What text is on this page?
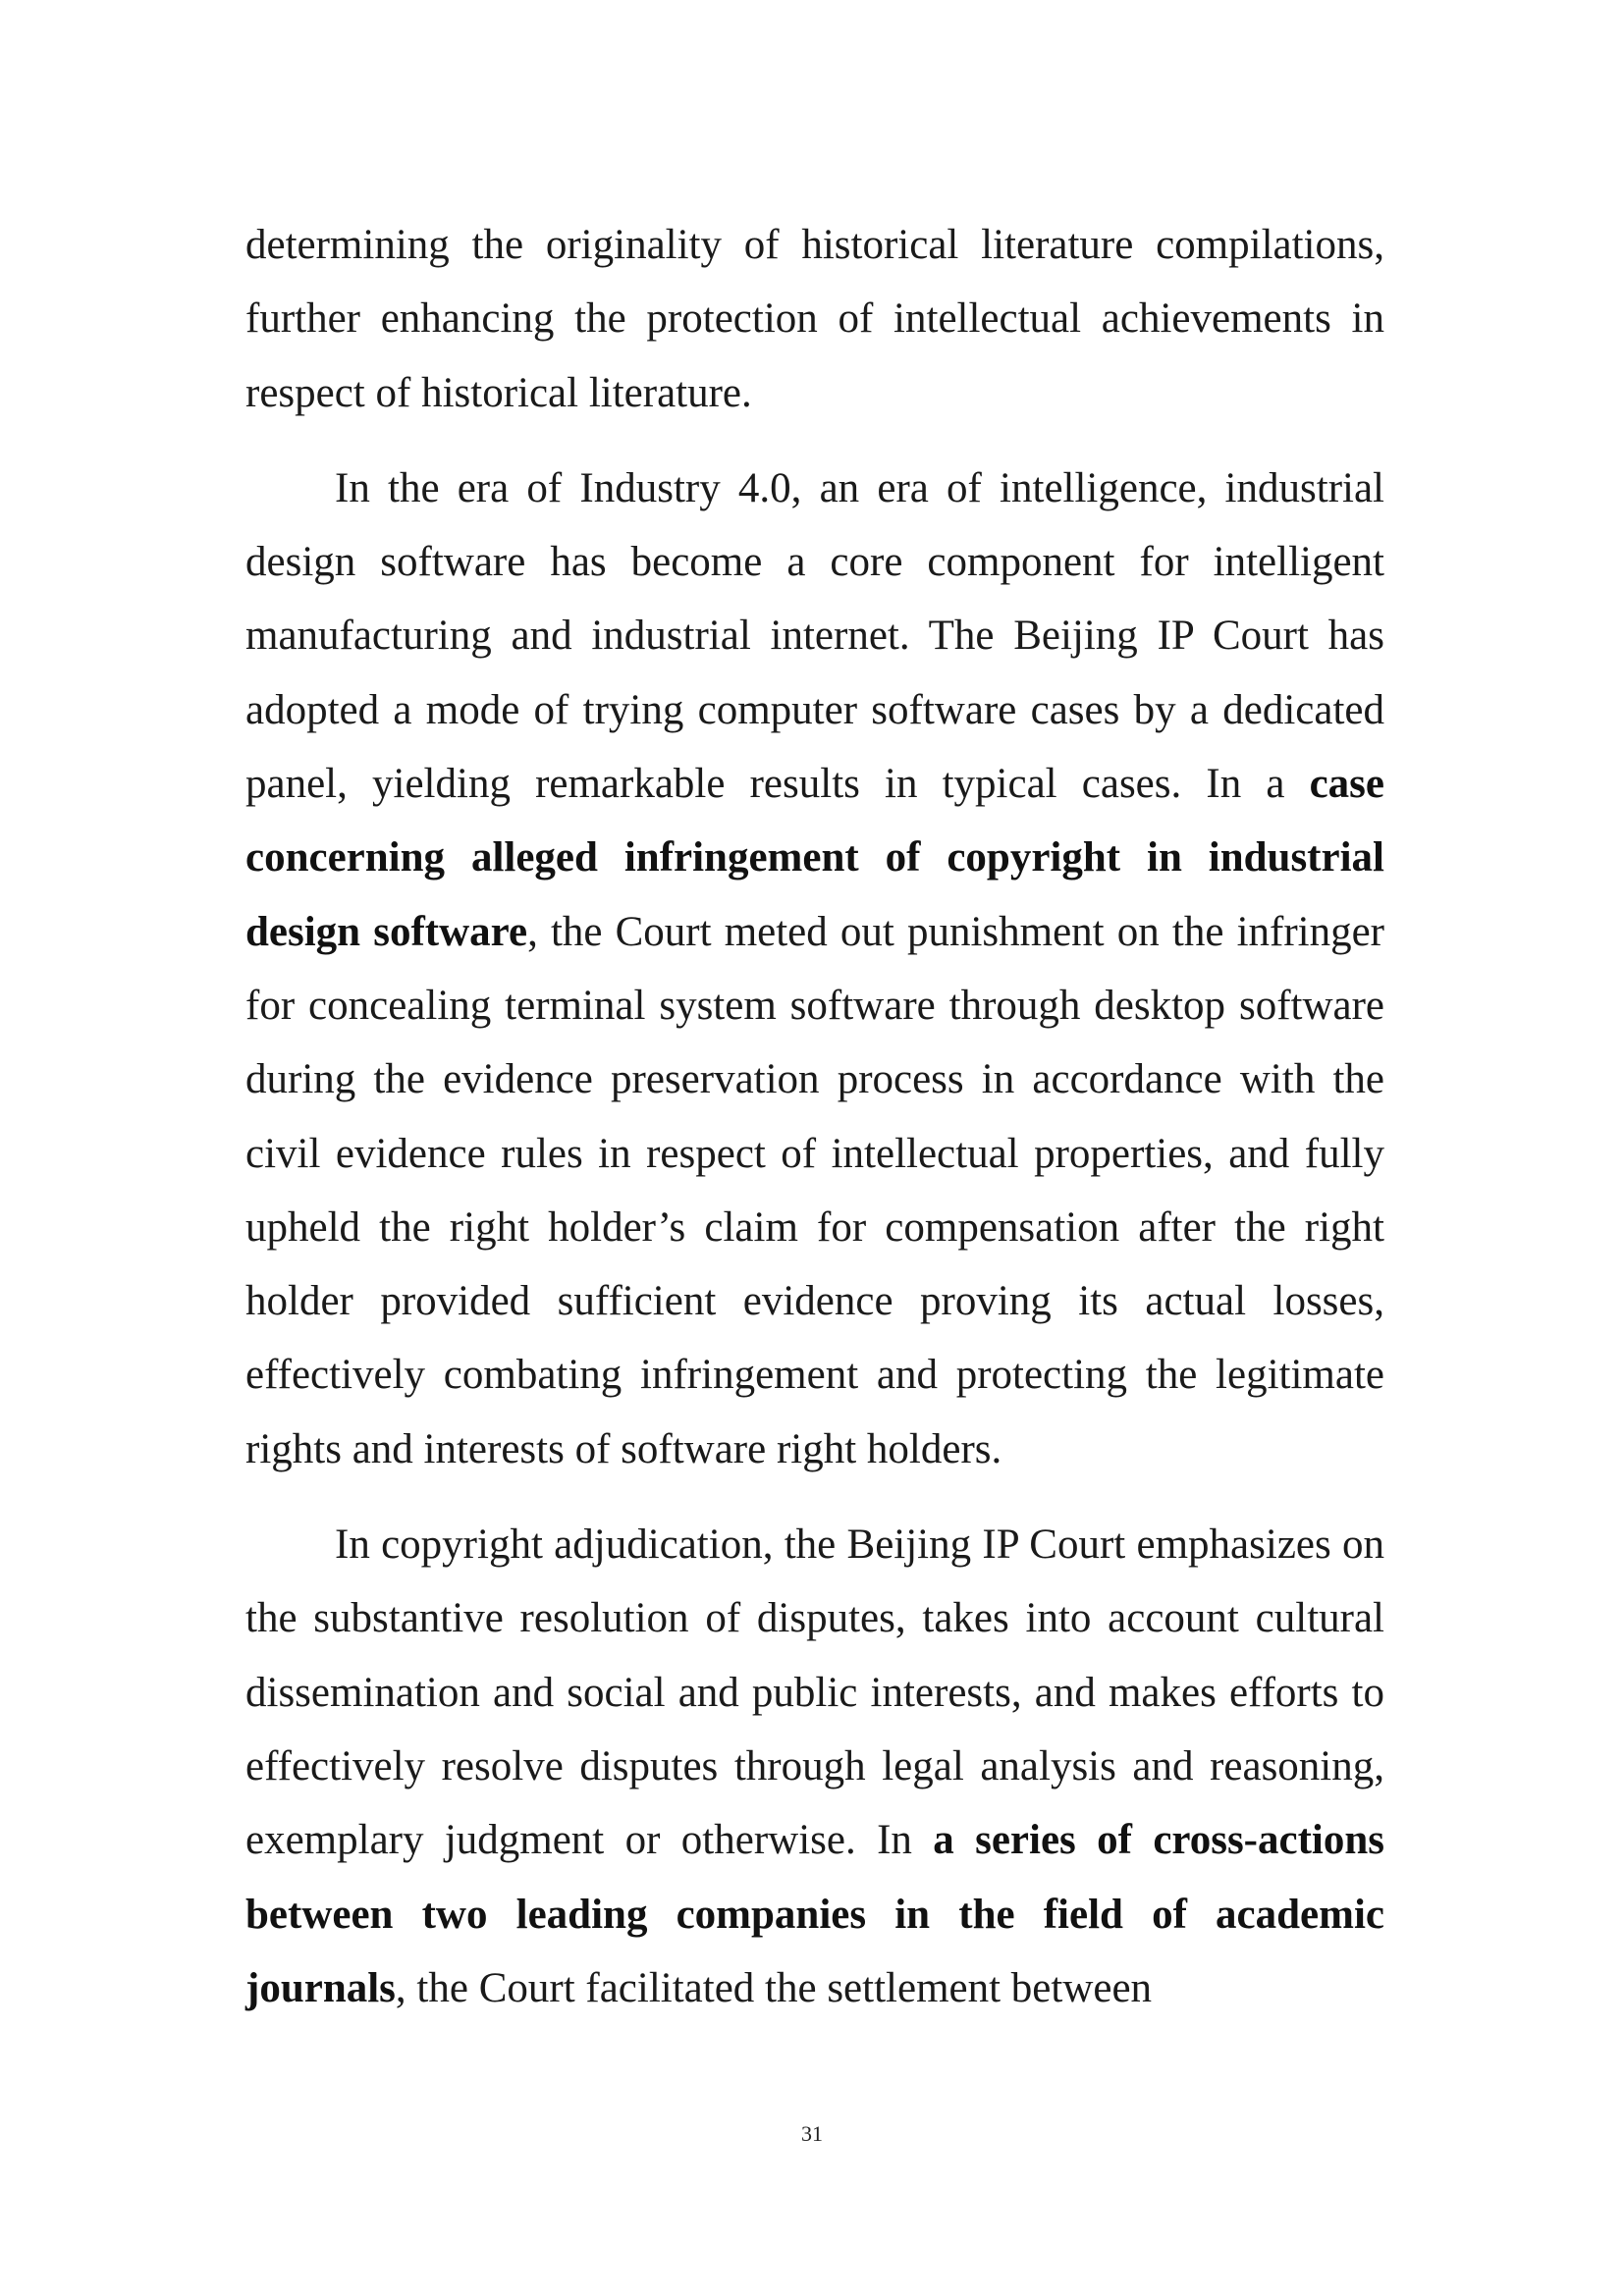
determining the originality of historical literature compilations, further enhancing the protection of intellectual achievements in respect of historical literature.

In the era of Industry 4.0, an era of intelligence, industrial design software has become a core component for intelligent manufacturing and industrial internet. The Beijing IP Court has adopted a mode of trying computer software cases by a dedicated panel, yielding remarkable results in typical cases. In a case concerning alleged infringement of copyright in industrial design software, the Court meted out punishment on the infringer for concealing terminal system software through desktop software during the evidence preservation process in accordance with the civil evidence rules in respect of intellectual properties, and fully upheld the right holder’s claim for compensation after the right holder provided sufficient evidence proving its actual losses, effectively combating infringement and protecting the legitimate rights and interests of software right holders.

In copyright adjudication, the Beijing IP Court emphasizes on the substantive resolution of disputes, takes into account cultural dissemination and social and public interests, and makes efforts to effectively resolve disputes through legal analysis and reasoning, exemplary judgment or otherwise. In a series of cross-actions between two leading companies in the field of academic journals, the Court facilitated the settlement between

31
